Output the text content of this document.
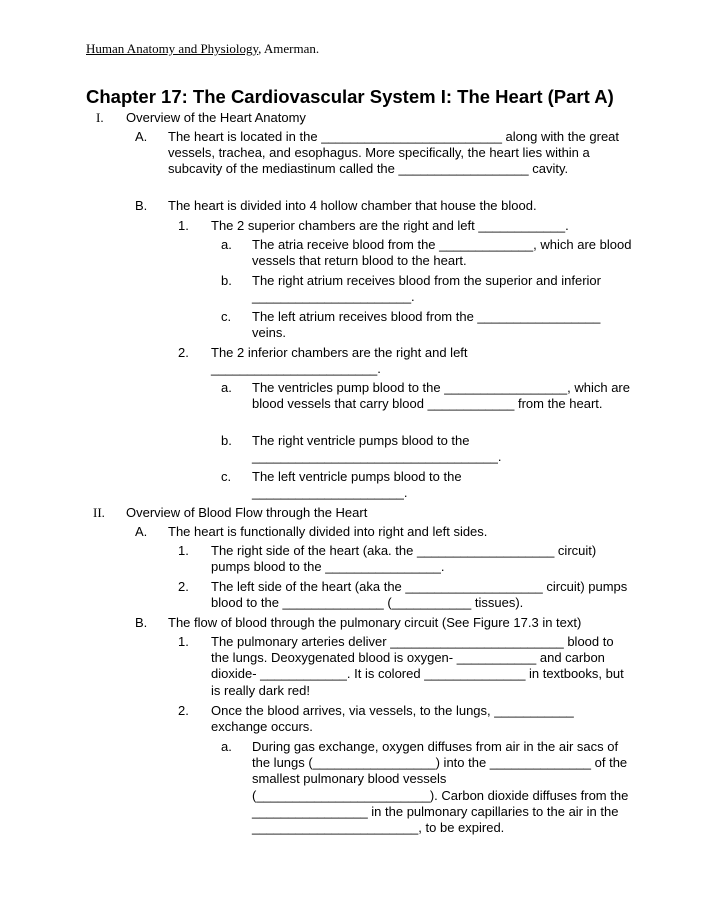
Human Anatomy and Physiology, Amerman.
Chapter 17: The Cardiovascular System I: The Heart (Part A)
I. Overview of the Heart Anatomy
A. The heart is located in the _________________________ along with the great vessels, trachea, and esophagus. More specifically, the heart lies within a subcavity of the mediastinum called the __________________ cavity.
B. The heart is divided into 4 hollow chamber that house the blood.
1. The 2 superior chambers are the right and left ____________.
a. The atria receive blood from the _____________, which are blood vessels that return blood to the heart.
b. The right atrium receives blood from the superior and inferior ______________________.
c. The left atrium receives blood from the _________________ veins.
2. The 2 inferior chambers are the right and left _______________________.
a. The ventricles pump blood to the _________________, which are blood vessels that carry blood ____________ from the heart.
b. The right ventricle pumps blood to the __________________________________.
c. The left ventricle pumps blood to the _____________________.
II. Overview of Blood Flow through the Heart
A. The heart is functionally divided into right and left sides.
1. The right side of the heart (aka. the ___________________ circuit) pumps blood to the ________________.
2. The left side of the heart (aka the ___________________ circuit) pumps blood to the ______________ (___________ tissues).
B. The flow of blood through the pulmonary circuit (See Figure 17.3 in text)
1. The pulmonary arteries deliver ________________________ blood to the lungs. Deoxygenated blood is oxygen- ___________ and carbon dioxide- ____________. It is colored ______________ in textbooks, but is really dark red!
2. Once the blood arrives, via vessels, to the lungs, ___________ exchange occurs.
a. During gas exchange, oxygen diffuses from air in the air sacs of the lungs (_________________) into the ______________ of the smallest pulmonary blood vessels (________________________). Carbon dioxide diffuses from the ________________ in the pulmonary capillaries to the air in the _______________________, to be expired.
